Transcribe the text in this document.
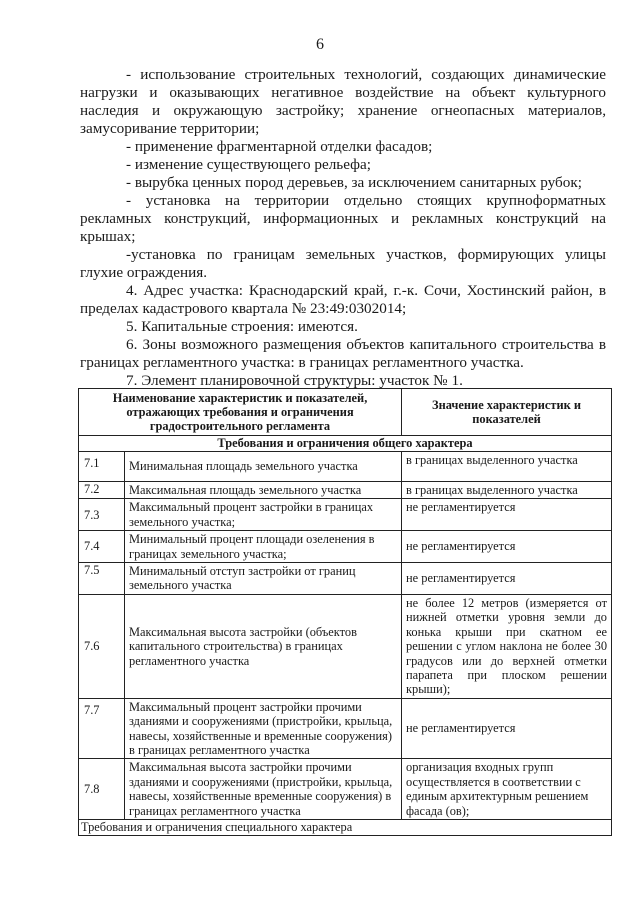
6

- использование строительных технологий, создающих динамические нагрузки и оказывающих негативное воздействие на объект культурного наследия и окружающую застройку; хранение огнеопасных материалов, замусоривание территории;

- применение фрагментарной отделки фасадов;

- изменение существующего рельефа;

- вырубка ценных пород деревьев, за исключением санитарных рубок;

- установка на территории отдельно стоящих крупноформатных рекламных конструкций, информационных и рекламных конструкций на крышах;

-установка по границам земельных участков, формирующих улицы глухие ограждения.

4. Адрес участка: Краснодарский край, г.-к. Сочи, Хостинский район, в пределах кадастрового квартала № 23:49:0302014;

5. Капитальные строения: имеются.

6. Зоны возможного размещения объектов капитального строительства в границах регламентного участка: в границах регламентного участка.

7. Элемент планировочной структуры: участок № 1.

Наименование характеристик и показателей, отражающих требования и ограничения градостроительного регламента		Значение характеристик и показателей
Требования и ограничения общего характера		
7.1	Минимальная площадь земельного участка	в границах выделенного участка
7.2	Максимальная площадь земельного участка	в границах выделенного участка
7.3	Максимальный процент застройки в границах земельного участка;	не регламентируется
7.4	Минимальный процент площади озеленения в границах земельного участка;	не регламентируется
7.5	Минимальный отступ застройки от границ земельного участка	не регламентируется
7.6	Максимальная высота застройки (объектов капитального строительства) в границах регламентного участка	не более 12 метров (измеряется от нижней отметки уровня земли до конька крыши при скатном ее решении с углом наклона не более 30 градусов или до верхней отметки парапета при плоском решении крыши);
7.7	Максимальный процент застройки прочими зданиями и сооружениями (пристройки, крыльца, навесы, хозяйственные и временные сооружения) в границах регламентного участка	не регламентируется
7.8	Максимальная высота застройки прочими зданиями и сооружениями (пристройки, крыльца, навесы, хозяйственные временные сооружения) в границах регламентного участка	организация входных групп осуществляется в соответствии с единым архитектурным решением фасада (ов);
Требования и ограничения специального характера		
